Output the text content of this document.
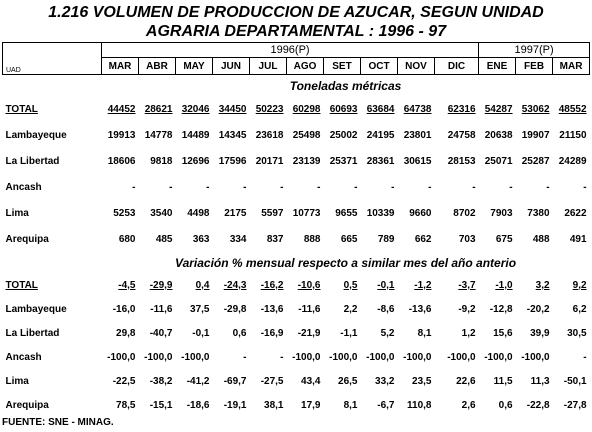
1.216 VOLUMEN DE PRODUCCION DE AZUCAR, SEGUN UNIDAD
AGRARIA DEPARTAMENTAL : 1996 - 97
	1996(P)										1997(P)		
UAD	MAR	ABR	MAY	JUN	JUL	AGO	SET	OCT	NOV	DIC	ENE	FEB	MAR
	Toneladas métricas												
TOTAL	44452	28621	32046	34450	50223	60298	60693	63684	64738	62316	54287	53062	48552
Lambayeque	19913	14778	14489	14345	23618	25498	25002	24195	23801	24758	20638	19907	21150
La Libertad	18606	9818	12696	17596	20171	23139	25371	28361	30615	28153	25071	25287	24289
Ancash	-	-	-	-	-	-	-	-	-	-	-	-	-
Lima	5253	3540	4498	2175	5597	10773	9655	10339	9660	8702	7903	7380	2622
Arequipa	680	485	363	334	837	888	665	789	662	703	675	488	491
	Variación % mensual respecto a similar mes del año anterio												
TOTAL	-4,5	-29,9	0,4	-24,3	-16,2	-10,6	0,5	-0,1	-1,2	-3,7	-1,0	3,2	9,2
Lambayeque	-16,0	-11,6	37,5	-29,8	-13,6	-11,6	2,2	-8,6	-13,6	-9,2	-12,8	-20,2	6,2
La Libertad	29,8	-40,7	-0,1	0,6	-16,9	-21,9	-1,1	5,2	8,1	1,2	15,6	39,9	30,5
Ancash	-100,0	-100,0	-100,0	-	-	-100,0	-100,0	-100,0	-100,0	-100,0	-100,0	-100,0	-
Lima	-22,5	-38,2	-41,2	-69,7	-27,5	43,4	26,5	33,2	23,5	22,6	11,5	11,3	-50,1
Arequipa	78,5	-15,1	-18,6	-19,1	38,1	17,9	8,1	-6,7	110,8	2,6	0,6	-22,8	-27,8
FUENTE: SNE - MINAG.
